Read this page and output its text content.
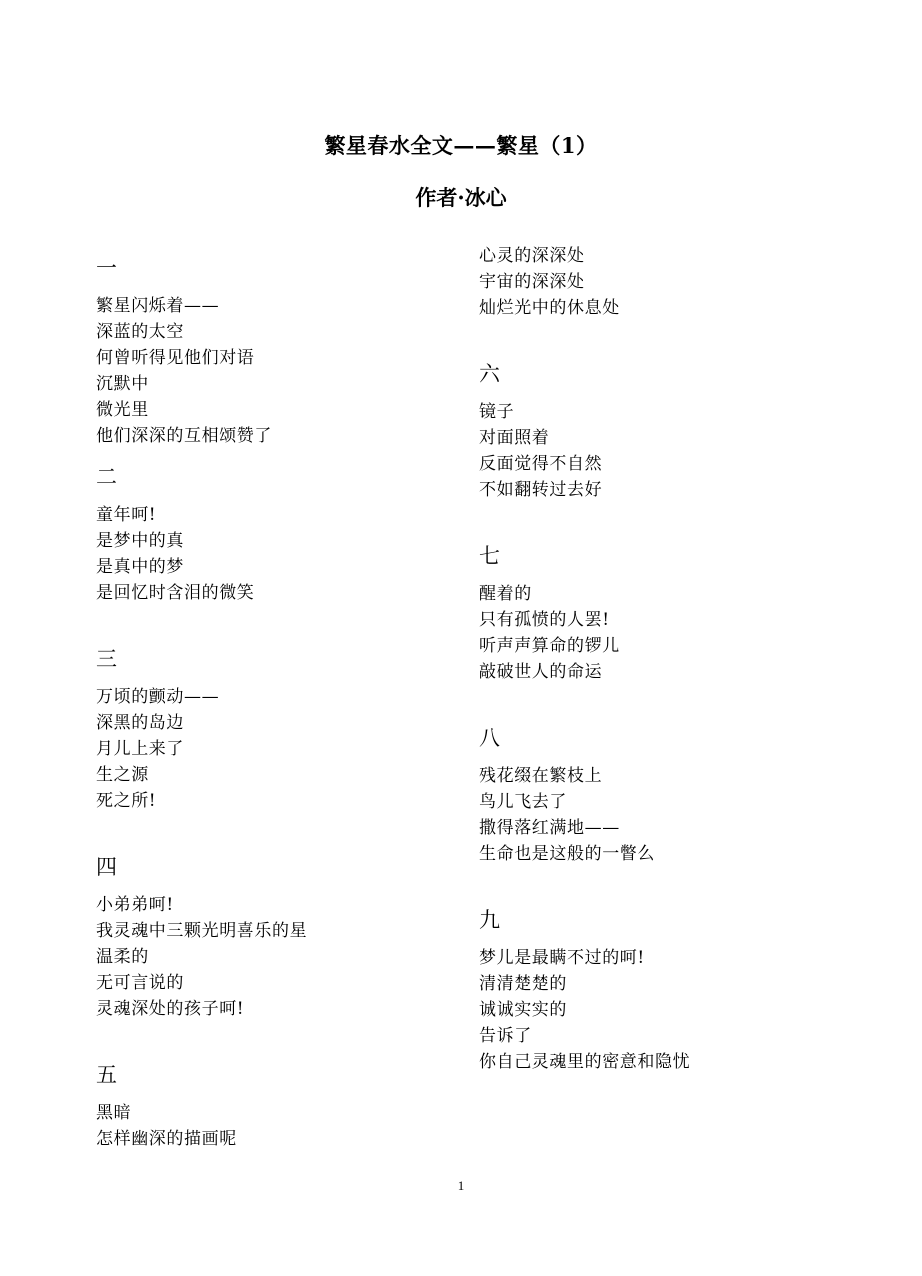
繁星春水全文——繁星（1）
作者·冰心
一
繁星闪烁着——
深蓝的太空
何曾听得见他们对语
沉默中
微光里
他们深深的互相颂赞了
二
童年呵!
是梦中的真
是真中的梦
是回忆时含泪的微笑
三
万顷的颤动——
深黑的岛边
月儿上来了
生之源
死之所!
四
小弟弟呵!
我灵魂中三颗光明喜乐的星
温柔的
无可言说的
灵魂深处的孩子呵!
五
黑暗
怎样幽深的描画呢
心灵的深深处
宇宙的深深处
灿烂光中的休息处
六
镜子
对面照着
反面觉得不自然
不如翻转过去好
七
醒着的
只有孤愤的人罢!
听声声算命的锣儿
敲破世人的命运
八
残花缀在繁枝上
鸟儿飞去了
撒得落红满地——
生命也是这般的一瞥么
九
梦儿是最瞒不过的呵!
清清楚楚的
诚诚实实的
告诉了
你自己灵魂里的密意和隐忧
1
